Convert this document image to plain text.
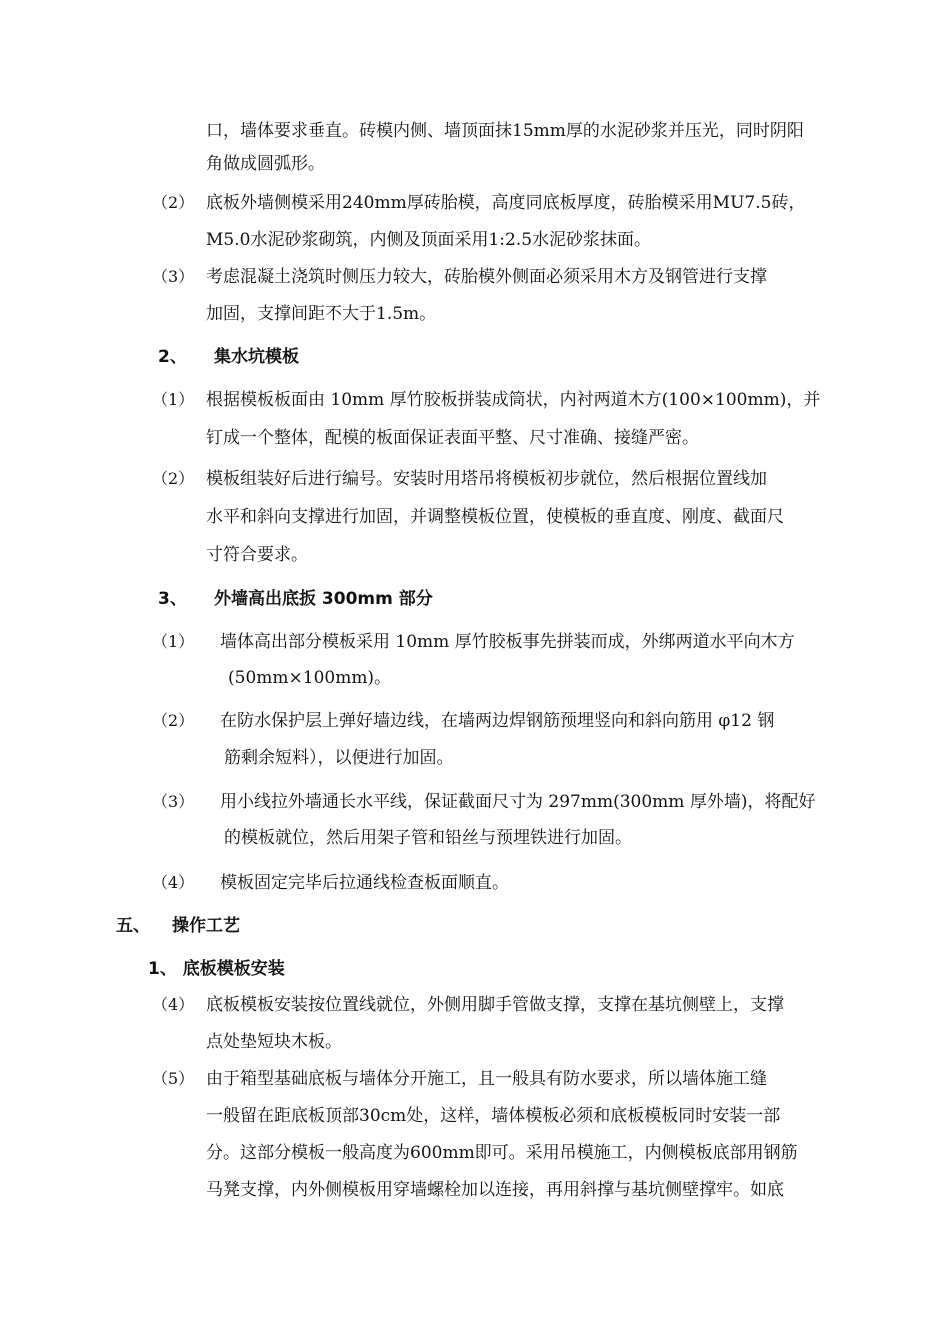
口，墙体要求垂直。砖模内侧、墙顶面抹15mm厚的水泥砂浆并压光，同时阴阳
角做成圆弧形。
（2） 底板外墙侧模采用240mm厚砖胎模，高度同底板厚度，砖胎模采用MU7.5砖，
M5.0水泥砂浆砌筑，内侧及顶面采用1:2.5水泥砂浆抹面。
（3） 考虑混凝土浇筑时侧压力较大，砖胎模外侧面必须采用木方及钢管进行支撑
加固，支撑间距不大于1.5m。
2、 集水坑模板
（1） 根据模板板面由 10mm 厚竹胶板拼装成筒状，内衬两道木方(100×100mm)，并
钉成一个整体，配模的板面保证表面平整、尺寸准确、接缝严密。
（2） 模板组装好后进行编号。安装时用塔吊将模板初步就位，然后根据位置线加
水平和斜向支撑进行加固，并调整模板位置，使模板的垂直度、刚度、截面尺
寸符合要求。
3、 外墙高出底扳 300mm 部分
（1） 墙体高出部分模板采用 10mm 厚竹胶板事先拼装而成，外绑两道水平向木方
(50mm×100mm)。
（2） 在防水保护层上弹好墙边线，在墙两边焊钢筋预埋竖向和斜向筋用 φ12 钢
筋剩余短料），以便进行加固。
（3） 用小线拉外墙通长水平线，保证截面尺寸为 297mm(300mm 厚外墙)，将配好
的模板就位，然后用架子管和铅丝与预埋铁进行加固。
（4） 模板固定完毕后拉通线检查板面顺直。
五、 操作工艺
1、 底板模板安装
（4） 底板模板安装按位置线就位，外侧用脚手管做支撑，支撑在基坑侧壁上，支撑
点处垫短块木板。
（5） 由于箱型基础底板与墙体分开施工，且一般具有防水要求，所以墙体施工缝
一般留在距底板顶部30cm处，这样，墙体模板必须和底板模板同时安装一部
分。这部分模板一般高度为600mm即可。采用吊模施工，内侧模板底部用钢筋
马凳支撑，内外侧模板用穿墙螺栓加以连接，再用斜撑与基坑侧壁撑牢。如底
